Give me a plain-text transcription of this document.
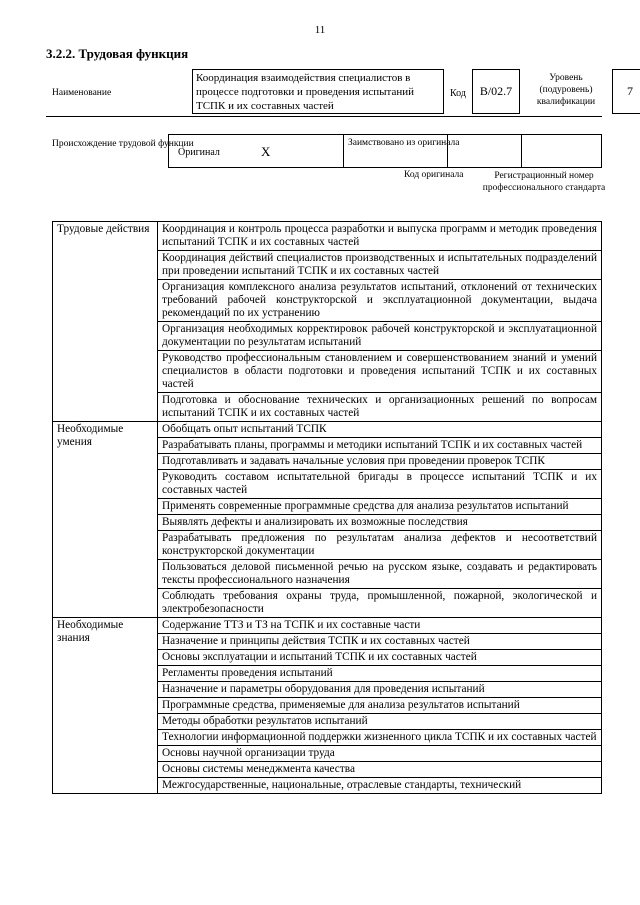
11
3.2.2. Трудовая функция
Наименование
Координация взаимодействия специалистов в процессе подготовки и проведения испытаний ТСПК и их составных частей
Код	B/02.7
Уровень (подуровень) квалификации
7
Происхождение трудовой функции
Оригинал	X
Заимствовано из оригинала
Код оригинала	Регистрационный номер профессионального стандарта
Трудовые действия	Координация и контроль процесса разработки и выпуска программ и методик проведения испытаний ТСПК и их составных частей
	Координация действий специалистов производственных и испытательных подразделений при проведении испытаний ТСПК и их составных частей
	Организация комплексного анализа результатов испытаний, отклонений от технических требований рабочей конструкторской и эксплуатационной документации, выдача рекомендаций по их устранению
	Организация необходимых корректировок рабочей конструкторской и эксплуатационной документации по результатам испытаний
	Руководство профессиональным становлением и совершенствованием знаний и умений специалистов в области подготовки и проведения испытаний ТСПК и их составных частей
	Подготовка и обоснование технических и организационных решений по вопросам испытаний ТСПК и их составных частей
Необходимые умения	Обобщать опыт испытаний ТСПК
	Разрабатывать планы, программы и методики испытаний ТСПК и их составных частей
	Подготавливать и задавать начальные условия при проведении проверок ТСПК
	Руководить составом испытательной бригады в процессе испытаний ТСПК и их составных частей
	Применять современные программные средства для анализа результатов испытаний
	Выявлять дефекты и анализировать их возможные последствия
	Разрабатывать предложения по результатам анализа дефектов и несоответствий конструкторской документации
	Пользоваться деловой письменной речью на русском языке, создавать и редактировать тексты профессионального назначения
	Соблюдать требования охраны труда, промышленной, пожарной, экологической и электробезопасности
Необходимые знания	Содержание ТТЗ и ТЗ на ТСПК и их составные части
	Назначение и принципы действия ТСПК и их составных частей
	Основы эксплуатации и испытаний ТСПК и их составных частей
	Регламенты проведения испытаний
	Назначение и параметры оборудования для проведения испытаний
	Программные средства, применяемые для анализа результатов испытаний
	Методы обработки результатов испытаний
	Технологии информационной поддержки жизненного цикла ТСПК и их составных частей
	Основы научной организации труда
	Основы системы менеджмента качества
	Межгосударственные, национальные, отраслевые стандарты, технический
